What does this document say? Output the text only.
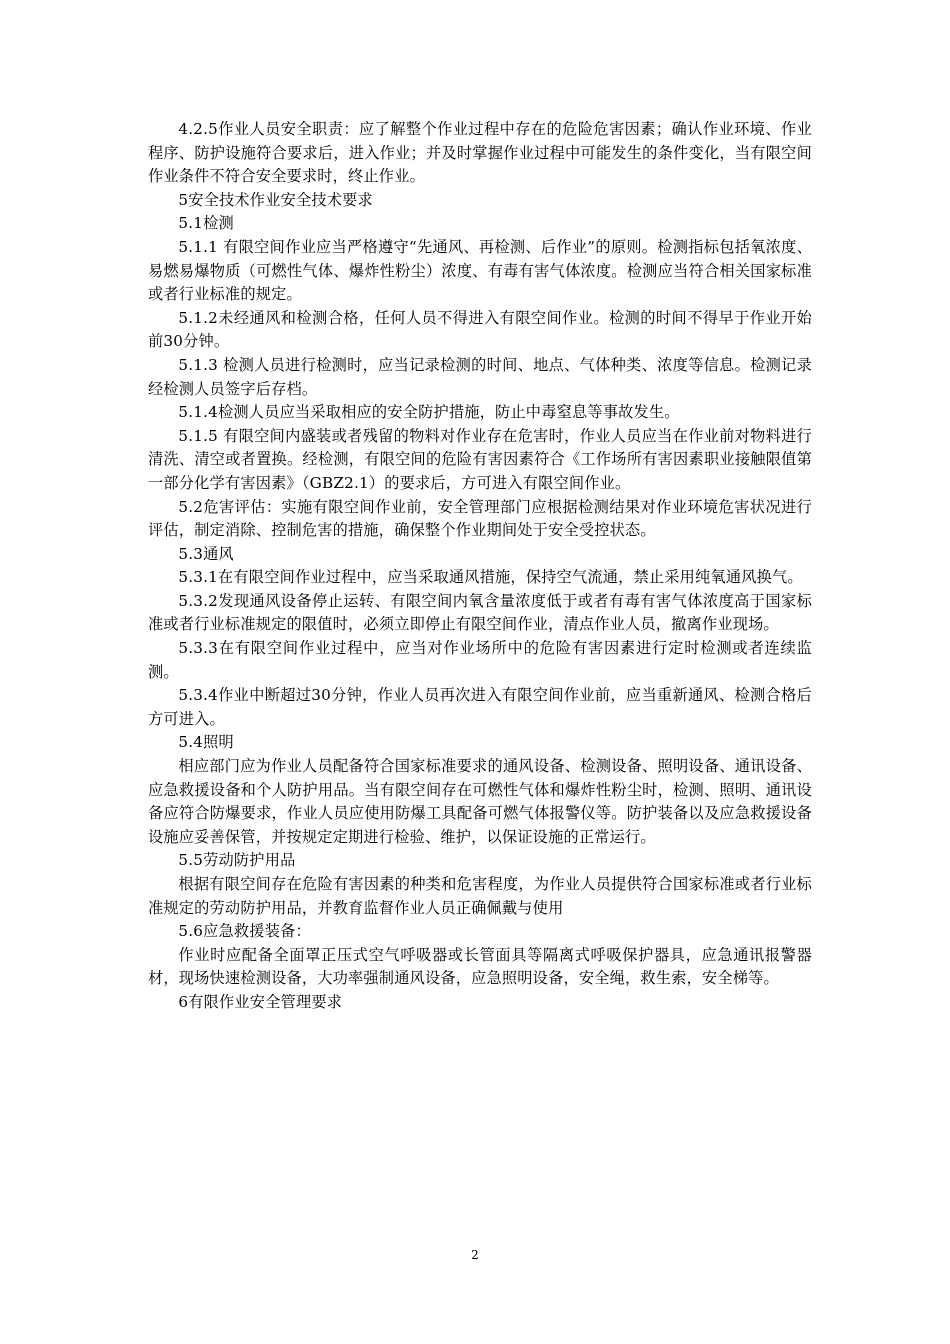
4.2.5作业人员安全职责：应了解整个作业过程中存在的危险危害因素；确认作业环境、作业程序、防护设施符合要求后，进入作业；并及时掌握作业过程中可能发生的条件变化，当有限空间作业条件不符合安全要求时，终止作业。

5安全技术作业安全技术要求

5.1检测

5.1.1 有限空间作业应当严格遵守“先通风、再检测、后作业”的原则。检测指标包括氧浓度、易燃易爆物质（可燃性气体、爆炸性粉尘）浓度、有毒有害气体浓度。检测应当符合相关国家标准或者行业标准的规定。

5.1.2未经通风和检测合格，任何人员不得进入有限空间作业。检测的时间不得早于作业开始前30分钟。

5.1.3 检测人员进行检测时，应当记录检测的时间、地点、气体种类、浓度等信息。检测记录经检测人员签字后存档。

5.1.4检测人员应当采取相应的安全防护措施，防止中毒窒息等事故发生。

5.1.5 有限空间内盛装或者残留的物料对作业存在危害时，作业人员应当在作业前对物料进行清洗、清空或者置换。经检测，有限空间的危险有害因素符合《工作场所有害因素职业接触限值第一部分化学有害因素》（GBZ2.1）的要求后，方可进入有限空间作业。

5.2危害评估：实施有限空间作业前，安全管理部门应根据检测结果对作业环境危害状况进行评估，制定消除、控制危害的措施，确保整个作业期间处于安全受控状态。

5.3通风

5.3.1在有限空间作业过程中，应当采取通风措施，保持空气流通，禁止采用纯氧通风换气。

5.3.2发现通风设备停止运转、有限空间内氧含量浓度低于或者有毒有害气体浓度高于国家标准或者行业标准规定的限值时，必须立即停止有限空间作业，清点作业人员，撤离作业现场。

5.3.3在有限空间作业过程中，应当对作业场所中的危险有害因素进行定时检测或者连续监测。

5.3.4作业中断超过30分钟，作业人员再次进入有限空间作业前，应当重新通风、检测合格后方可进入。

5.4照明

相应部门应为作业人员配备符合国家标准要求的通风设备、检测设备、照明设备、通讯设备、应急救援设备和个人防护用品。当有限空间存在可燃性气体和爆炸性粉尘时，检测、照明、通讯设备应符合防爆要求，作业人员应使用防爆工具配备可燃气体报警仪等。防护装备以及应急救援设备设施应妥善保管，并按规定定期进行检验、维护，以保证设施的正常运行。

5.5劳动防护用品

根据有限空间存在危险有害因素的种类和危害程度，为作业人员提供符合国家标准或者行业标准规定的劳动防护用品，并教育监督作业人员正确佩戴与使用

5.6应急救援装备：

作业时应配备全面罩正压式空气呼吸器或长管面具等隔离式呼吸保护器具，应急通讯报警器材，现场快速检测设备，大功率强制通风设备，应急照明设备，安全绳，救生索，安全梯等。

6有限作业安全管理要求

2
